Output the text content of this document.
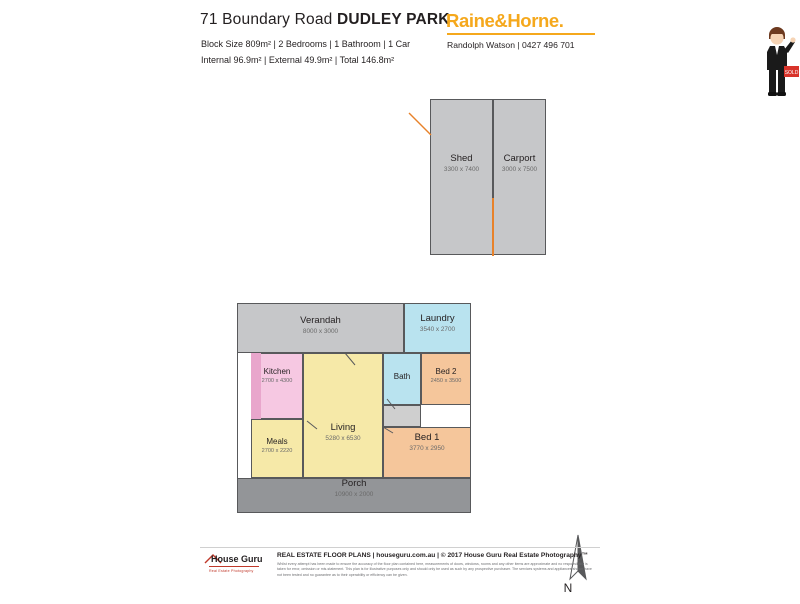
71 Boundary Road DUDLEY PARK
Block Size 809m² | 2 Bedrooms | 1 Bathroom | 1 Car
Internal 96.9m² | External 49.9m² | Total 146.8m²
Raine&Horne.
Randolph Watson | 0427 496 701
SOLD
Shed
3300 x 7400
Carport
3000 x 7500
Verandah
8000 x 3000
Laundry
3540 x 2700
Kitchen
2700 x 4300	Bath
Bed 2
2450 x 3500
Living
5280 x 6530
Meals
2700 x 2220
Bed 1
3770 x 2950
Porch
10900 x 2000
N
House Guru
Real Estate Photography
REAL ESTATE FLOOR PLANS | houseguru.com.au | © 2017 House Guru Real Estate Photography™
Whilst every attempt has been made to ensure the accuracy of the floor plan contained here, measurements of doors, windows, rooms and any other items are approximate and no responsibility is taken for error, omission or mis-statement. This plan is for illustrative purposes only and should only be used as such by any prospective purchaser. The services systems and appliances shown have not been tested and no guarantee as to their operability or efficiency can be given.
